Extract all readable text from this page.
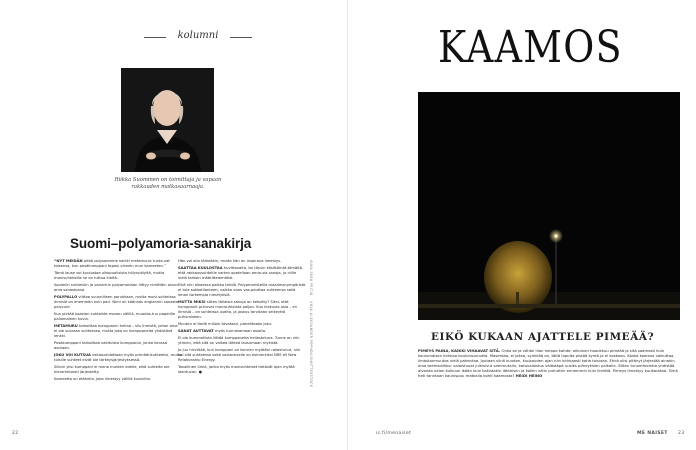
kolumni
Riikka Suominen on toimittaja ja vapaan rakkauden matkasaarnaaja.
Suomi–polyamoria-sanakirja

“NYT MEIDÄN pitää polysoomme kaikki metamurut tunte-vat toisensa, kun pesäkumppani tapasi viimein mun kameetan.”

Tämä lause voi kuulostaa ulkopuolisista hölynpölyltä, mutta monisuhteisille se on tuttua kieltä.

Avoimiin suhteisiin ja varsinkin polyamoriaan liittyy nimittäin aivan oma sanastonsa.

POLYPALLO viittaa suunnilleen porukkaan, mutta moni-suhteissa ihmisiä on enemmän kuin pari. Nimi on käännös englannin sanasta polycule.

Kun piirtää kaavion suhteista monen välillä, muodos-tuu paperille pallomainen kuvio.

METAMURU tarkoittaa kumppanin heilaa – siis ihmistä, johon oma ei ole suoraan suhteessa, mutta joka on kumppaneita yhdistävä lenkki.

Pesäkumppani tarkoittaa vakituista kumppania, jonka kanssa asutaan.

JOKU VOI KUTSUA vakiosuhdettaan myös primäärisuhteeksi, mutta toisille suhteet eivät ole tärkeysjärjestyksessä.

Silloin yksi kumppani ei mene muiden edelle, eikä suhteita ole hierarkkisesti järjestetty.

Kameetta on etäheila, joka ilmestyy välillä kuvioihin.

Hän voi olla tärkeäkin, mutta hän on inspirava ilmestys.

SAATTAA KUULOSTAA huvittavalta, tai täysin käsittämät-tömältä, että rakkaussuhteille varten opetellaan omia-sia sanoja, jo niille vielä tarkoin määrittelemättä.

Eikä niin alkaessa paikka tehdä. Polyamoristeilla maailmanympäristö ei tule sokkotilanteen, vaikka vaan vas-pauttaa suhteensa sekä ilman tarkempia nimetyksiä.

MUTTA MIKSI sitten tällaisia sanoja on keksitty? Siksi, että kumppanit puhuvat monisuhteista paljon. Kun kiekuvia osia – eli ihmisiä – on suhteissa useita, ja joskus tarvitaan selkeyttä puhumiseen.

Muuten ei tiedä milloin tavataan, paheittaako joku.

SANAT AUTTAVAT myös tunnistamaan asioita.

Ei ole kummallista liittää kumppaneita heilasteluna. Tunne on niin ytimen, että sitä on vaikea lähteä lausumaan mykistä.

Jo juu hirvittää, kun kumppani on korvien myötäni rakastunut, niin voi sitä suhteessa sekä vastaukselle on esimerkiksi NRE eli New Relationship Energy.

Tavallinen ilmiö, jonka myös monisuhteiset tietävät ajan myötä laantuvan. ●

KUVA PÄRU PELTIÄ    KUVA ALEKSANDER POPHOV/SHUTTERSTOCK
22	is.fi/menaiset	ME NAISET 23
KAAMOS
EIKÖ KUKAAN AJATTELE PIMEÄÄ?
PIMEYS PAINA, KAIKKI VIHAAVAT SITÄ. Onko se ja vähän liian helppo kohde: aikuinen haaukkuu pimeää ja sitä saamasti kuin koulumaisen kirkkaa koulunuoruutta. Masentaa, ei jaksa, synkkää on, täitä lopulta pistää kyntä ja ei koskaan. Koska kaamos vaikuttaa, ilmastonmuutos vielä pahentaa. Joutaan siinä kuuden, kuukauden ajan niin kirkkaasti kotia toisiaan. Ehkä olisi pitänyt järjestää ainakin oma teemaviikko: valaistuvat julkisivut sammuksiin, katuvalaistus välästäpä uusiks pimeyksien paikalle. Sitten tunnelmointia yhdistää aivoista valon kulkuun ikään kuin kakistakin lähteisiin ja kaikin välin puhuttiin ennemmin kuin ilmiötä. Pimeys ilmestyy kuukauttaa. Siinä heti tarvitaan kaunispuu matkalla kohti kaamosta? HEIDI HEINO
